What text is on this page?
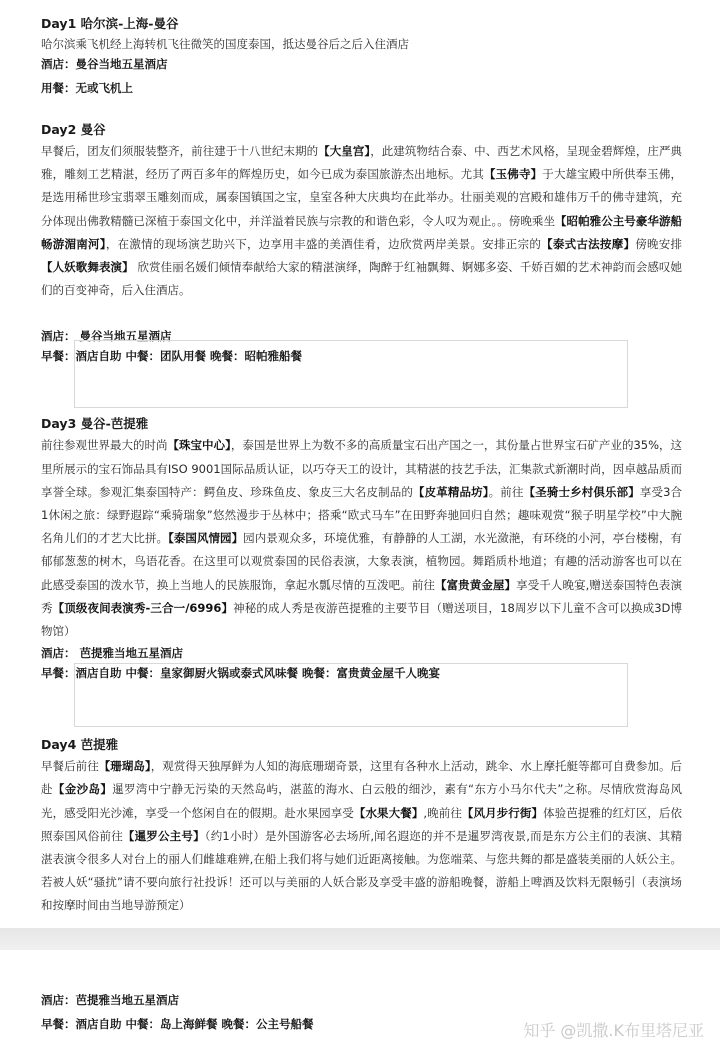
Day1 哈尔滨-上海-曼谷

哈尔滨乘飞机经上海转机飞往微笑的国度泰国，抵达曼谷后之后入住酒店

酒店：曼谷当地五星酒店

用餐：无或飞机上

Day2 曼谷

早餐后，团友们须服装整齐，前往建于十八世纪末期的【大皇宫】，此建筑物结合泰、中、西艺术风格，呈现金碧辉煌，庄严典雅，雕刻工艺精湛，经历了两百多年的辉煌历史，如今已成为泰国旅游杰出地标。尤其【玉佛寺】于大雄宝殿中所供奉玉佛，是选用稀世珍宝翡翠玉雕刻而成，属泰国镇国之宝，皇室各种大庆典均在此举办。壮丽美观的宫殿和雄伟万千的佛寺建筑，充分体现出佛教精髓已深植于泰国文化中，并洋溢着民族与宗教的和谐色彩，令人叹为观止。。傍晚乘坐【昭帕雅公主号豪华游船畅游湄南河】，在激情的现场演艺助兴下，边享用丰盛的美酒佳肴，边欣赏两岸美景。安排正宗的【泰式古法按摩】傍晚安排【人妖歌舞表演】 欣赏佳丽名媛们倾情奉献给大家的精湛演绎，陶醉于红袖飘舞、婀娜多姿、千娇百媚的艺术神韵而会感叹她们的百变神奇，后入住酒店。

酒店： 曼谷当地五星酒店

早餐：酒店自助 中餐：团队用餐 晚餐：昭帕雅船餐

Day3 曼谷-芭提雅

前往参观世界最大的时尚【珠宝中心】，泰国是世界上为数不多的高质量宝石出产国之一，其份量占世界宝石矿产业的35%，这里所展示的宝石饰品具有ISO 9001国际品质认证，以巧夺天工的设计，其精湛的技艺手法，汇集款式新潮时尚，因卓越品质而享誉全球。参观汇集泰国特产：鳄鱼皮、珍珠鱼皮、象皮三大名皮制品的【皮革精品坊】。前往【圣骑士乡村俱乐部】享受3合1休闲之旅：绿野遐踪“乘骑瑞象”悠然漫步于丛林中；搭乘“欧式马车”在田野奔驰回归自然；趣味观赏“猴子明星学校”中大腕名角儿们的才艺大比拼。【泰国风情园】园内景观众多，环境优雅，有静静的人工湖，水光潋滟，有环绕的小河，亭台楼榭，有郁郁葱葱的树木，鸟语花香。在这里可以观赏泰国的民俗表演，大象表演，植物园。舞蹈质朴地道；有趣的活动游客也可以在此感受泰国的泼水节，换上当地人的民族服饰，拿起水瓢尽情的互泼吧。前往【富贵黄金屋】享受千人晚宴,赠送泰国特色表演秀【顶级夜间表演秀-三合一/6996】神秘的成人秀是夜游芭提雅的主要节目（赠送项目，18周岁以下儿童不含可以换成3D博物馆）

酒店： 芭提雅当地五星酒店

早餐：酒店自助 中餐：皇家御厨火锅或泰式风味餐 晚餐：富贵黄金屋千人晚宴

Day4 芭提雅

早餐后前往【珊瑚岛】，观赏得天独厚鲜为人知的海底珊瑚奇景，这里有各种水上活动，跳伞、水上摩托艇等都可自费参加。后赴【金沙岛】暹罗湾中宁静无污染的天然岛屿，湛蓝的海水、白云般的细沙，素有“东方小马尔代夫”之称。尽情欣赏海岛风光，感受阳光沙滩，享受一个悠闲自在的假期。赴水果园享受【水果大餐】,晚前往【风月步行街】体验芭提雅的红灯区，后依照泰国风俗前往【暹罗公主号】（约1小时）是外国游客必去场所,闻名遐迩的并不是暹罗湾夜景,而是东方公主们的表演、其精湛表演令很多人对台上的丽人们雌雄难辨,在船上我们将与她们近距离接触。为您端菜、与您共舞的都是盛装美丽的人妖公主。若被人妖“骚扰”请不要向旅行社投诉！还可以与美丽的人妖合影及享受丰盛的游船晚餐，游船上啤酒及饮料无限畅引（表演场和按摩时间由当地导游预定）

酒店：芭提雅当地五星酒店

早餐：酒店自助 中餐：岛上海鲜餐 晚餐：公主号船餐	知乎 @凯撒.K布里塔尼亚
